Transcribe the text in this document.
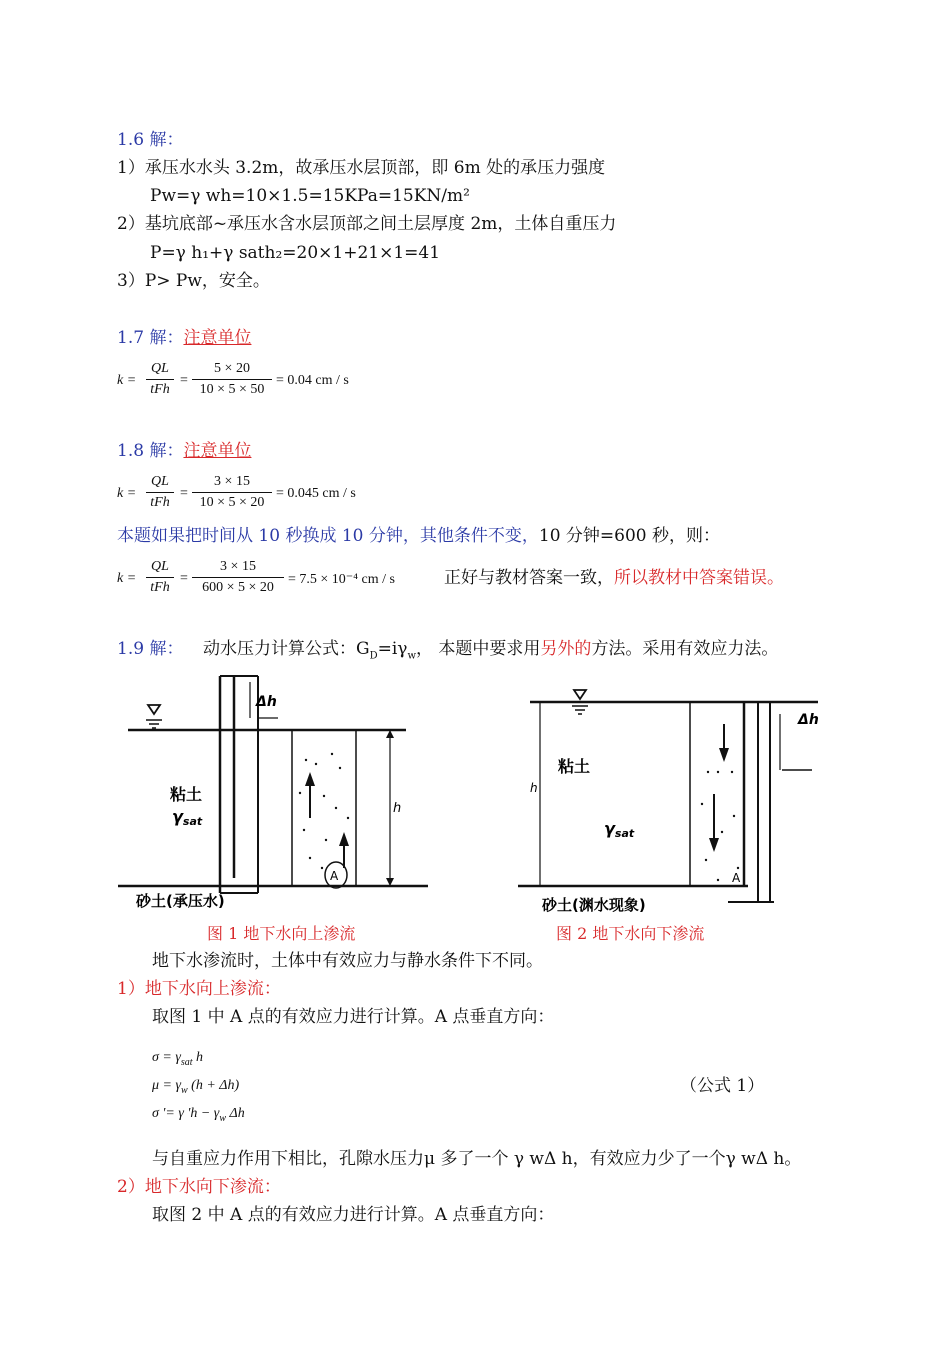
1.6 解：
1）承压水水头 3.2m，故承压水层顶部，即 6m 处的承压力强度
Pw=γ wh=10×1.5=15KPa=15KN/m²
2）基坑底部~承压水含水层顶部之间土层厚度 2m，土体自重压力
P=γ h₁+γ sath₂=20×1+21×1=41
3）P> Pw，安全。
1.7 解：注意单位
k =
QL
tFh
=
5 × 20
10 × 5 × 50
= 0.04 cm / s
1.8 解：注意单位
k =
QL
tFh
=
3 × 15
10 × 5 × 20
= 0.045 cm / s
本题如果把时间从 10 秒换成 10 分钟，其他条件不变，10 分钟=600 秒，则：
k =
QL
tFh
=
3 × 15
600 × 5 × 20
= 7.5 × 10⁻⁴ cm / s	正好与教材答案一致，所以教材中答案错误。
1.9 解： 动水压力计算公式：$G_D=i\gamma_w$， 本题中要求用另外的方法。采用有效应力法。
Δh
h
粘土
γsat
A
砂土(承压水)
图 1 地下水向上渗流
Δh
h
粘土
γsat
A
砂土(渊水现象)
图 2 地下水向下渗流
地下水渗流时，土体中有效应力与静水条件下不同。
1）地下水向上渗流：
取图 1 中 A 点的有效应力进行计算。A 点垂直方向：
$\sigma = \gamma_{sat}$ h
$\mu = \gamma_w$ (h + Δh)
σ '= γ '$h - \gamma_w$ Δh
（公式 1）
与自重应力作用下相比，孔隙水压力μ 多了一个 γ wΔ h，有效应力少了一个γ wΔ h。
2）地下水向下渗流：
取图 2 中 A 点的有效应力进行计算。A 点垂直方向：
